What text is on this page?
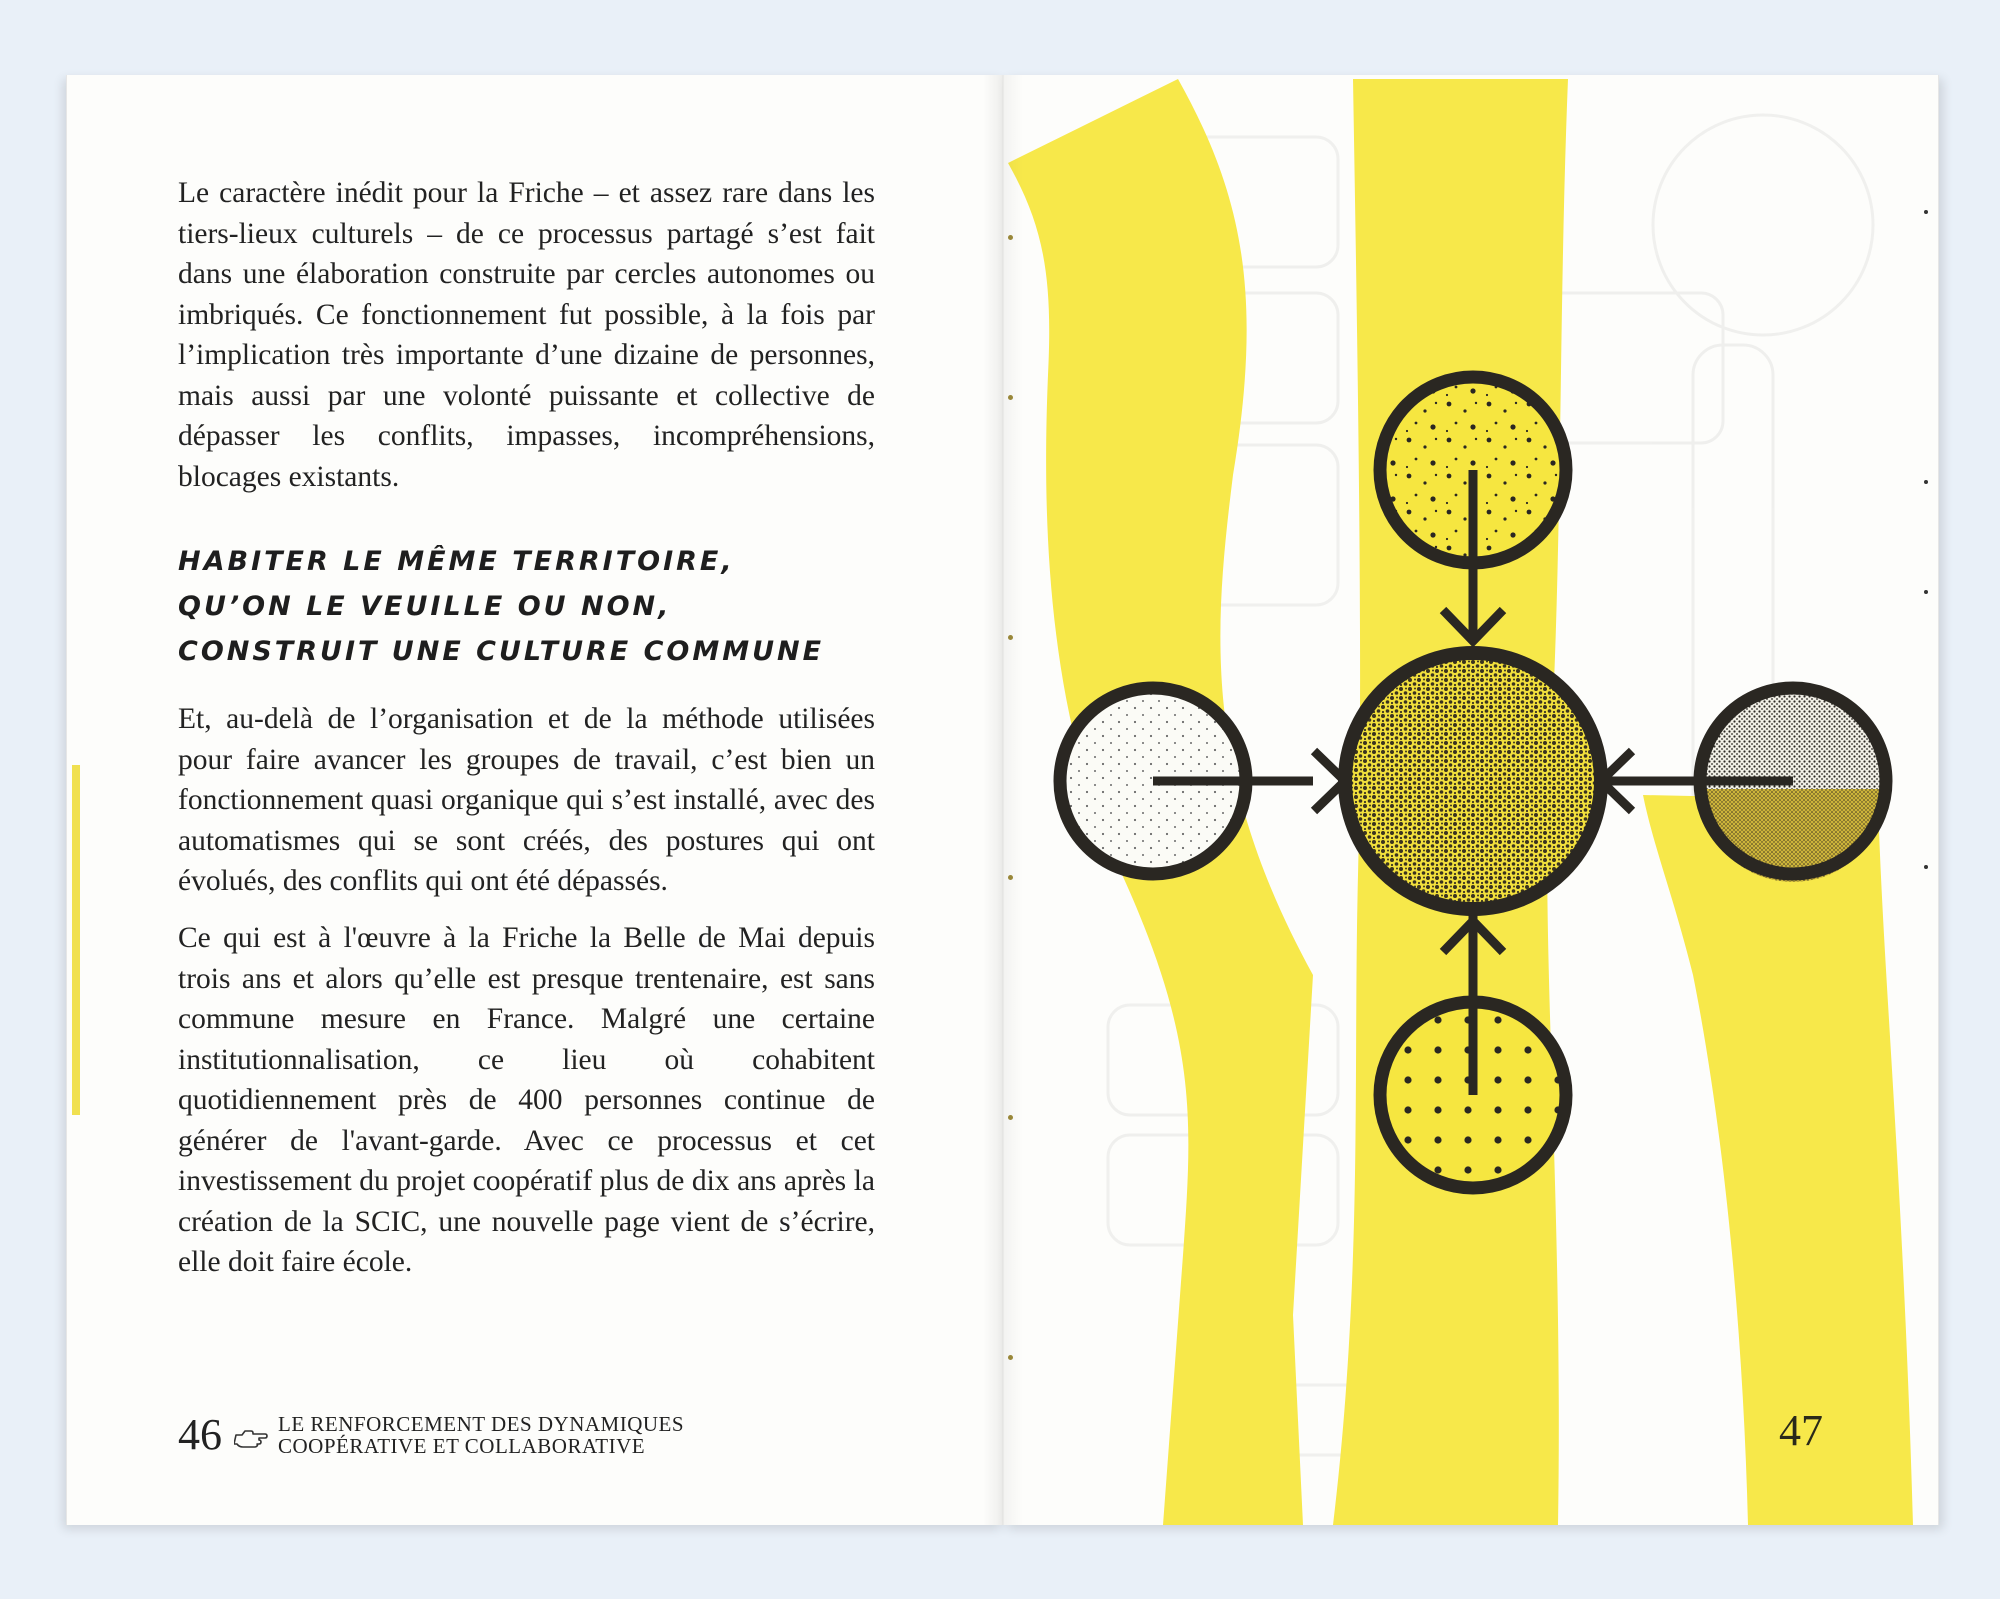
Le caractère inédit pour la Friche – et assez rare dans les tiers-lieux culturels – de ce processus partagé s’est fait dans une élaboration construite par cercles autonomes ou imbriqués. Ce fonctionnement fut possible, à la fois par l’implication très importante d’une dizaine de personnes, mais aussi par une volonté puissante et collective de dépasser les conflits, impasses, incompréhensions, blocages existants.

HABITER LE MÊME TERRITOIRE,
QU’ON LE VEUILLE OU NON,
CONSTRUIT UNE CULTURE COMMUNE

Et, au-delà de l’organisation et de la méthode utilisées pour faire avancer les groupes de travail, c’est bien un fonctionnement quasi organique qui s’est installé, avec des automatismes qui se sont créés, des postures qui ont évolués, des conflits qui ont été dépassés.

Ce qui est à l'œuvre à la Friche la Belle de Mai depuis trois ans et alors qu’elle est presque trentenaire, est sans commune mesure en France. Malgré une certaine institutionnalisation, ce lieu où cohabitent quotidiennement près de 400 personnes continue de générer de l'avant-garde. Avec ce processus et cet investissement du projet coopératif plus de dix ans après la création de la SCIC, une nouvelle page vient de s’écrire, elle doit faire école.

46	LE RENFORCEMENT DES DYNAMIQUES
COOPÉRATIVE ET COLLABORATIVE	47
